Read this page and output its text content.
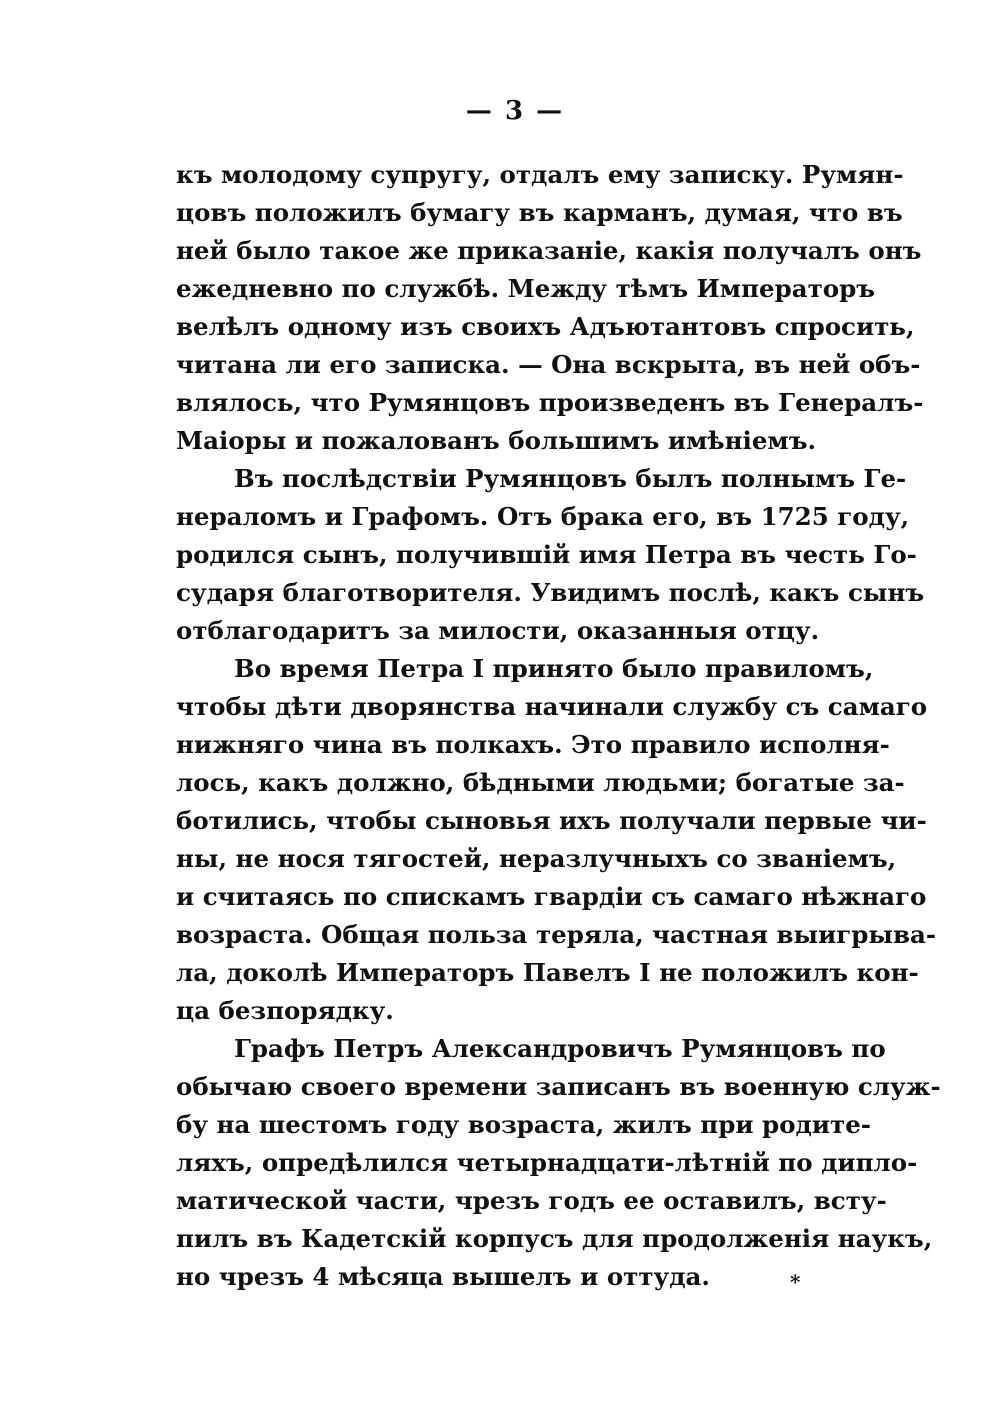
— 3 —
къ молодому супругу, отдалъ ему записку. Румян-
цовъ положилъ бумагу въ карманъ, думая, что въ
ней было такое же приказаніе, какія получалъ онъ
ежедневно по службѣ. Между тѣмъ Императоръ
велѣлъ одному изъ своихъ Адъютантовъ спросить,
читана ли его записка. — Она вскрыта, въ ней объ-
влялось, что Румянцовъ произведенъ въ Генералъ-
Маіоры и пожалованъ большимъ имѣніемъ.
Въ послѣдствіи Румянцовъ былъ полнымъ Ге-
нераломъ и Графомъ. Отъ брака его, въ 1725 году,
родился сынъ, получившій имя Петра въ честь Го-
сударя благотворителя. Увидимъ послѣ, какъ сынъ
отблагодаритъ за милости, оказанныя отцу.
Во время Петра I принято было правиломъ,
чтобы дѣти дворянства начинали службу съ самаго
нижняго чина въ полкахъ. Это правило исполня-
лось, какъ должно, бѣдными людьми; богатые за-
ботились, чтобы сыновья ихъ получали первые чи-
ны, не нося тягостей, неразлучныхъ со званіемъ,
и считаясь по спискамъ гвардіи съ самаго нѣжнаго
возраста. Общая польза теряла, частная выигрыва-
ла, доколѣ Императоръ Павелъ I не положилъ кон-
ца безпорядку.
Графъ Петръ Александровичъ Румянцовъ по
обычаю своего времени записанъ въ военную служ-
бу на шестомъ году возраста, жилъ при родите-
ляхъ, опредѣлился четырнадцати-лѣтній по дипло-
матической части, чрезъ годъ ее оставилъ, всту-
пилъ въ Кадетскій корпусъ для продолженія наукъ,
но чрезъ 4 мѣсяца вышелъ и оттуда.	*
